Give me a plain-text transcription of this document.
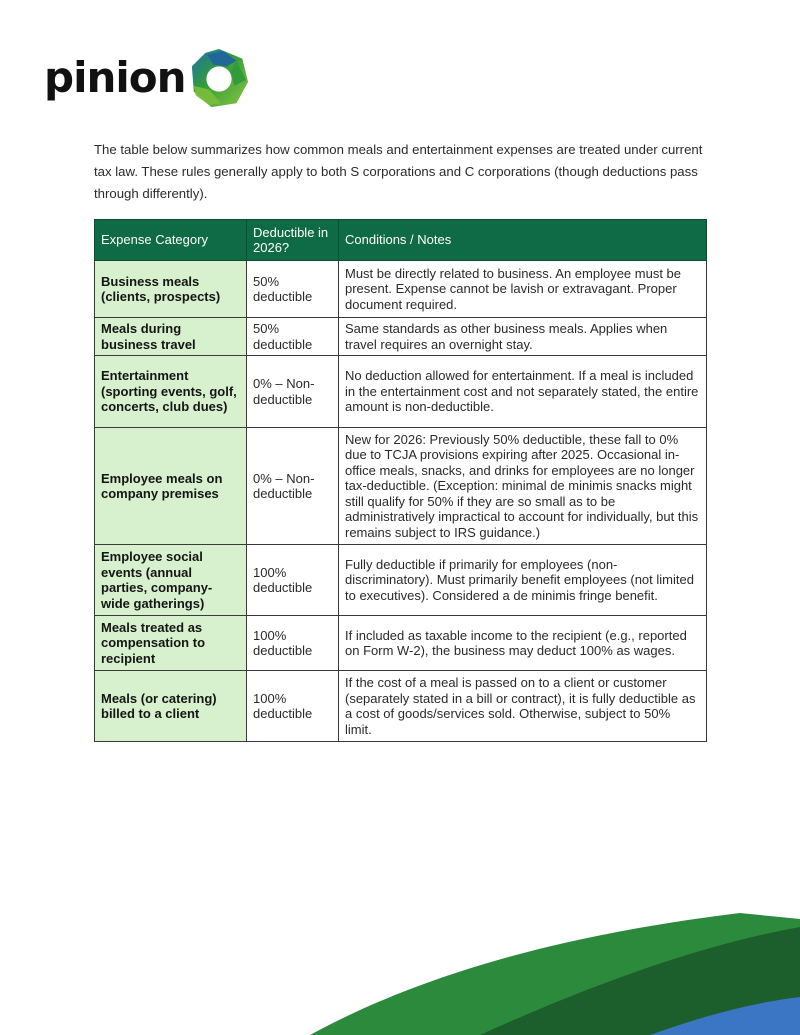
pinion

The table below summarizes how common meals and entertainment expenses are treated under current tax law. These rules generally apply to both S corporations and C corporations (though deductions pass through differently).

Expense Category	Deductible in 2026?	Conditions / Notes
Business meals (clients, prospects)	50% deductible	Must be directly related to business. An employee must be present. Expense cannot be lavish or extravagant. Proper document required.
Meals during business travel	50% deductible	Same standards as other business meals. Applies when travel requires an overnight stay.
Entertainment (sporting events, golf, concerts, club dues)	0% – Non-deductible	No deduction allowed for entertainment. If a meal is included in the entertainment cost and not separately stated, the entire amount is non-deductible.
Employee meals on company premises	0% – Non-deductible	New for 2026: Previously 50% deductible, these fall to 0% due to TCJA provisions expiring after 2025. Occasional in-office meals, snacks, and drinks for employees are no longer tax-deductible. (Exception: minimal de minimis snacks might still qualify for 50% if they are so small as to be administratively impractical to account for individually, but this remains subject to IRS guidance.)
Employee social events (annual parties, company-wide gatherings)	100% deductible	Fully deductible if primarily for employees (non-discriminatory). Must primarily benefit employees (not limited to executives). Considered a de minimis fringe benefit.
Meals treated as compensation to recipient	100% deductible	If included as taxable income to the recipient (e.g., reported on Form W-2), the business may deduct 100% as wages.
Meals (or catering) billed to a client	100% deductible	If the cost of a meal is passed on to a client or customer (separately stated in a bill or contract), it is fully deductible as a cost of goods/services sold. Otherwise, subject to 50% limit.
